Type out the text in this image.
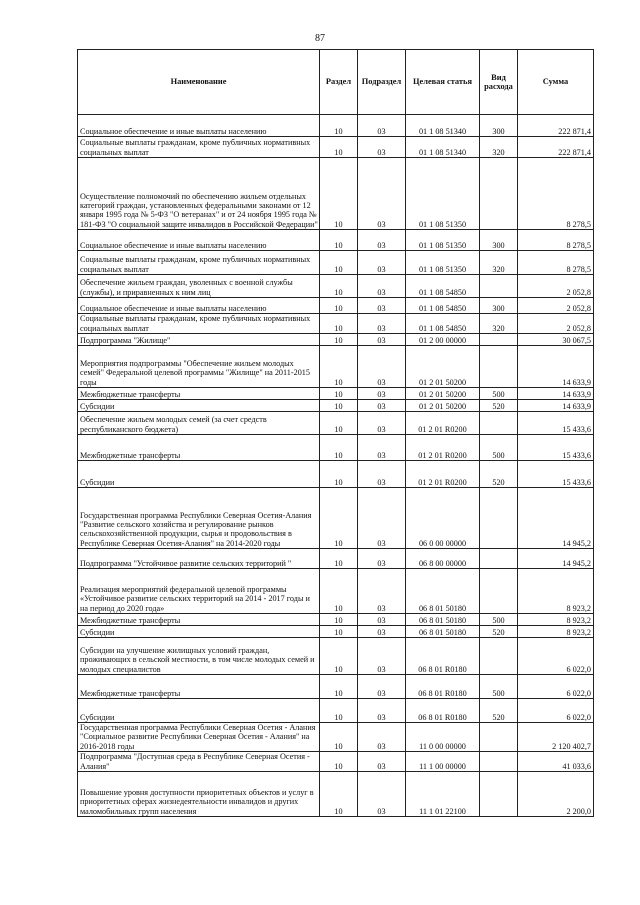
87
Наименование	Раздел	Подраздел	Целевая статья	Вид расхода	Сумма
Социальное обеспечение и иные выплаты населению	10	03	01 1 08 51340	300	222 871,4
Социальные выплаты гражданам, кроме публичных нормативных социальных выплат	10	03	01 1 08 51340	320	222 871,4
Осуществление полномочий по обеспечению жильем отдельных категорий граждан, установленных федеральными законами от 12 января 1995 года № 5-ФЗ "О ветеранах" и от 24 ноября 1995 года № 181-ФЗ "О социальной защите инвалидов в Российской Федерации"	10	03	01 1 08 51350		8 278,5
Социальное обеспечение и иные выплаты населению	10	03	01 1 08 51350	300	8 278,5
Социальные выплаты гражданам, кроме публичных нормативных социальных выплат	10	03	01 1 08 51350	320	8 278,5
Обеспечение жильем граждан, уволенных с военной службы (службы), и приравненных к ним лиц	10	03	01 1 08 54850		2 052,8
Социальное обеспечение и иные выплаты населению	10	03	01 1 08 54850	300	2 052,8
Социальные выплаты гражданам, кроме публичных нормативных социальных выплат	10	03	01 1 08 54850	320	2 052,8
Подпрограмма "Жилище"	10	03	01 2 00 00000		30 067,5
Мероприятия подпрограммы "Обеспечение жильем молодых семей" Федеральной целевой программы "Жилище" на 2011-2015 годы	10	03	01 2 01 50200		14 633,9
Межбюджетные трансферты	10	03	01 2 01 50200	500	14 633,9
Субсидии	10	03	01 2 01 50200	520	14 633,9
Обеспечение жильем молодых семей (за счет средств республиканского бюджета)	10	03	01 2 01 R0200		15 433,6
Межбюджетные трансферты	10	03	01 2 01 R0200	500	15 433,6
Субсидии	10	03	01 2 01 R0200	520	15 433,6
Государственная программа Республики Северная Осетия-Алания "Развитие сельского хозяйства и регулирование рынков сельскохозяйственной продукции, сырья и продовольствия в Республике Северная Осетия-Алания" на 2014-2020 годы	10	03	06 0 00 00000		14 945,2
Подпрограмма "Устойчивое развитие сельских территорий "	10	03	06 8 00 00000		14 945,2
Реализация мероприятий федеральной целевой программы «Устойчивое развитие сельских территорий на 2014 - 2017 годы и на период до 2020 года»	10	03	06 8 01 50180		8 923,2
Межбюджетные трансферты	10	03	06 8 01 50180	500	8 923,2
Субсидии	10	03	06 8 01 50180	520	8 923,2
Субсидии на улучшение жилищных условий граждан, проживающих в сельской местности, в том числе молодых семей и молодых специалистов	10	03	06 8 01 R0180		6 022,0
Межбюджетные трансферты	10	03	06 8 01 R0180	500	6 022,0
Субсидии	10	03	06 8 01 R0180	520	6 022,0
Государственная программа Республики Северная Осетия - Алания "Социальное развитие Республики Северная Осетия - Алания" на 2016-2018 годы	10	03	11 0 00 00000		2 120 402,7
Подпрограмма "Доступная среда в Республике Северная Осетия - Алания"	10	03	11 1 00 00000		41 033,6
Повышение уровня доступности приоритетных объектов и услуг в приоритетных сферах жизнедеятельности инвалидов и других маломобильных групп населения	10	03	11 1 01 22100		2 200,0
